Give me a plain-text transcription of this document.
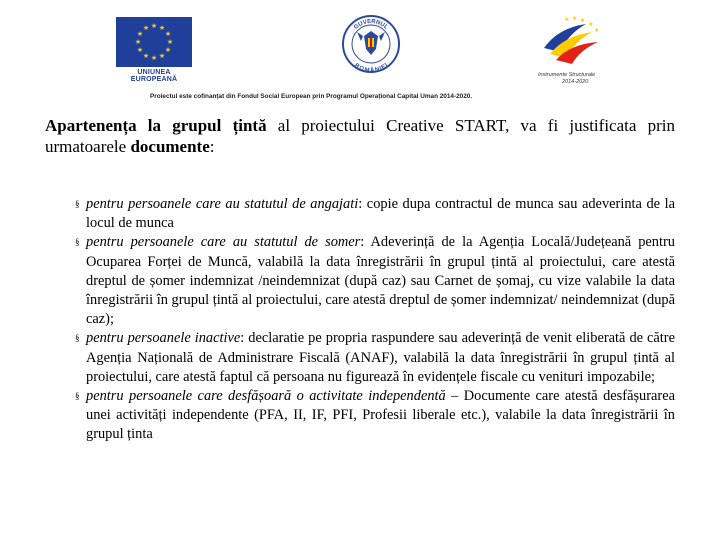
★ ★
★
★
★
★
★
★
★
★
★
★
UNIUNEA EUROPEANĂ
GUVERNUL
ROMÂNIEI
★ ★ ★
★
★
Instrumente Structurale
2014-2020
Proiectul este cofinanțat din Fondul Social European prin Programul Operațional Capital Uman 2014-2020.
Apartenența la grupul țintă al proiectului Creative START, va fi justificata prin urmatoarele documente:
§ pentru persoanele care au statutul de angajati: copie dupa contractul de munca sau adeverinta de la locul de munca
§ pentru persoanele care au statutul de somer: Adeverință de la Agenția Locală/Județeană pentru Ocuparea Forței de Muncă, valabilă la data înregistrării în grupul țintă al proiectului, care atestă dreptul de șomer indemnizat /neindemnizat (după caz) sau Carnet de șomaj, cu vize valabile la data înregistrării în grupul țintă al proiectului, care atestă dreptul de șomer indemnizat/ neindemnizat (după caz);
§ pentru persoanele inactive: declaratie pe propria raspundere sau adeverință de venit eliberată de către Agenția Națională de Administrare Fiscală (ANAF), valabilă la data înregistrării în grupul țintă al proiectului, care atestă faptul că persoana nu figurează în evidențele fiscale cu venituri impozabile;
§ pentru persoanele care desfășoară o activitate independentă – Documente care atestă desfășurarea unei activități independente (PFA, II, IF, PFI, Profesii liberale etc.), valabile la data înregistrării în grupul ținta
